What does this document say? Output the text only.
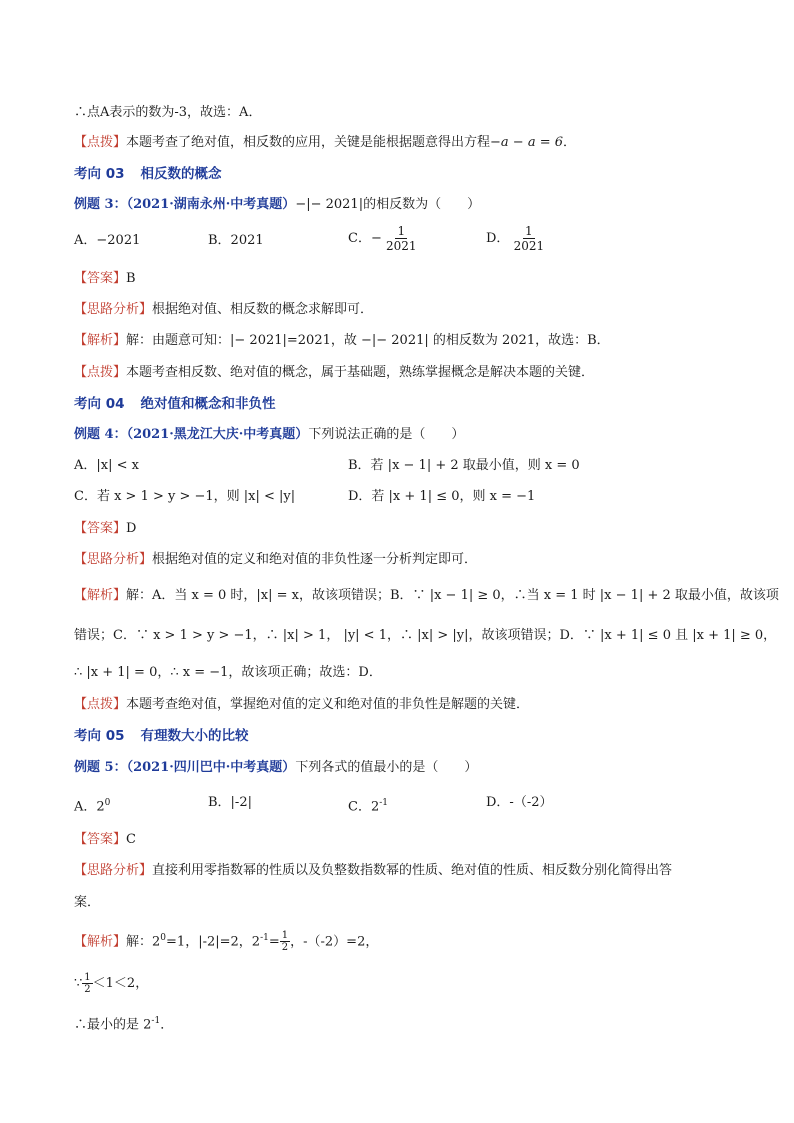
∴点A表示的数为-3，故选：A．
【点拨】本题考查了绝对值，相反数的应用，关键是能根据题意得出方程−a − a = 6．
考向 03 相反数的概念
例题 3：（2021·湖南永州·中考真题）−|− 2021|的相反数为（　　）
A．−2021	B．2021	C．− $\frac{1}{2021}$	D． $\frac{1}{2021}$
【答案】B
【思路分析】根据绝对值、相反数的概念求解即可．
【解析】解：由题意可知：|− 2021|=2021，故 −|− 2021| 的相反数为 2021，故选：B．
【点拨】本题考查相反数、绝对值的概念，属于基础题，熟练掌握概念是解决本题的关键．
考向 04 绝对值和概念和非负性
例题 4：（2021·黑龙江大庆·中考真题）下列说法正确的是（　　）
A．|x| < x	B．若 |x − 1| + 2 取最小值，则 x = 0
C．若 x > 1 > y > −1，则 |x| < |y|	D．若 |x + 1| ≤ 0，则 x = −1
【答案】D
【思路分析】根据绝对值的定义和绝对值的非负性逐一分析判定即可．
【解析】解：A．当 x = 0 时，|x| = x，故该项错误；B．∵ |x − 1| ≥ 0，∴当 x = 1 时 |x − 1| + 2 取最小值，故该项
错误；C．∵ x > 1 > y > −1，∴ |x| > 1， |y| < 1，∴ |x| > |y|，故该项错误；D．∵ |x + 1| ≤ 0 且 |x + 1| ≥ 0，
∴ |x + 1| = 0，∴ x = −1，故该项正确；故选：D．
【点拨】本题考查绝对值，掌握绝对值的定义和绝对值的非负性是解题的关键．
考向 05 有理数大小的比较
例题 5：（2021·四川巴中·中考真题）下列各式的值最小的是（　　）
A．$2^0$	B．|-2|	C．$2^{-1}$	D．-（-2）
【答案】C
【思路分析】直接利用零指数幂的性质以及负整数指数幂的性质、绝对值的性质、相反数分别化简得出答
案．
【解析】解：$2^0=1$，|-2|=2，$2^{-1}= \frac{1}{2}$ ，-（-2）=2，
∵ $\frac{1}{2} <1<2$，
∴最小的是 $2^{-1}$．
